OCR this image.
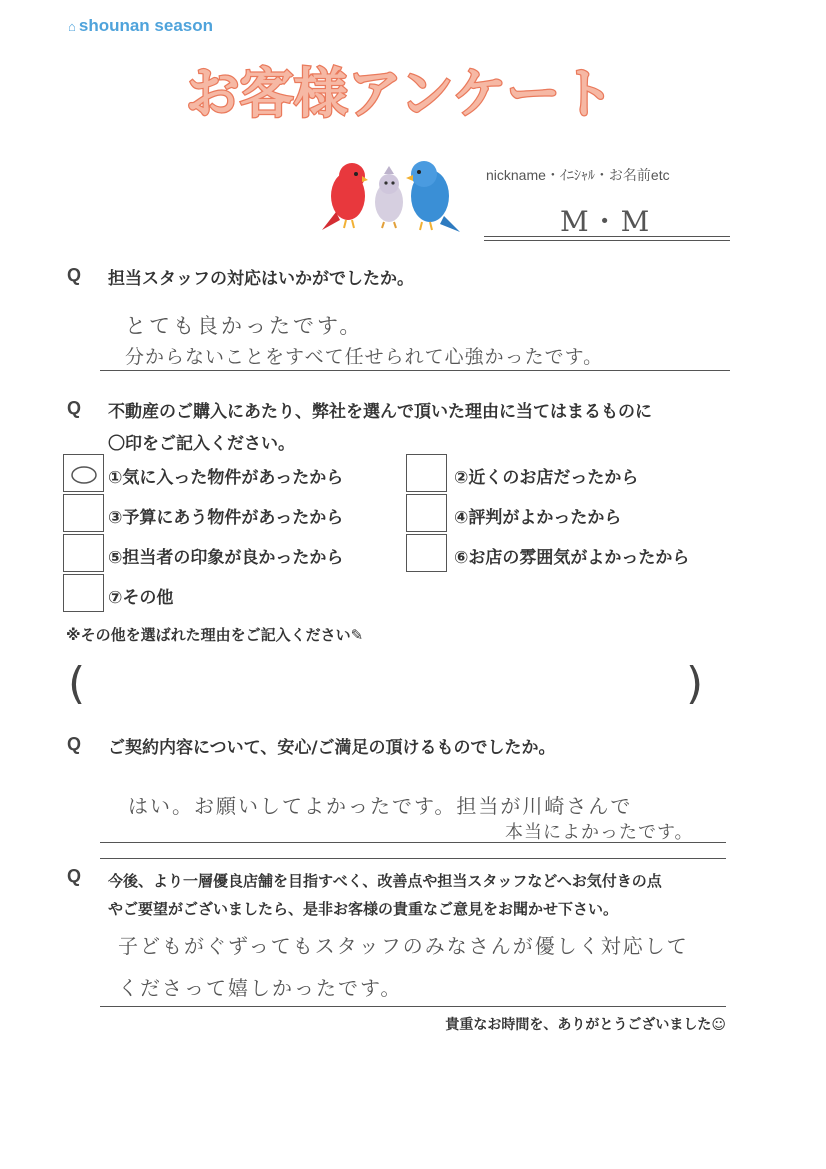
⌂ shounan season
お客様アンケート
nickname・ｲﾆｼｬﾙ・お名前etc
M・M
Q 担当スタッフの対応はいかがでしたか。
とても良かったです。
分からないことをすべて任せられて心強かったです。
Q 不動産のご購入にあたり、弊社を選んで頂いた理由に当てはまるものに
〇印をご記入ください。
①気に入った物件があったから	②近くのお店だったから
③予算にあう物件があったから	④評判がよかったから
⑤担当者の印象が良かったから	⑥お店の雰囲気がよかったから
⑦その他
※その他を選ばれた理由をご記入ください✎
(	)
Q ご契約内容について、安心/ご満足の頂けるものでしたか。
はい。お願いしてよかったです。担当が川崎さんで
本当によかったです。
Q 今後、より一層優良店舗を目指すべく、改善点や担当スタッフなどへお気付きの点
やご要望がございましたら、是非お客様の貴重なご意見をお聞かせ下さい。
子どもがぐずってもスタッフのみなさんが優しく対応して
くださって嬉しかったです。
貴重なお時間を、ありがとうございました☺
